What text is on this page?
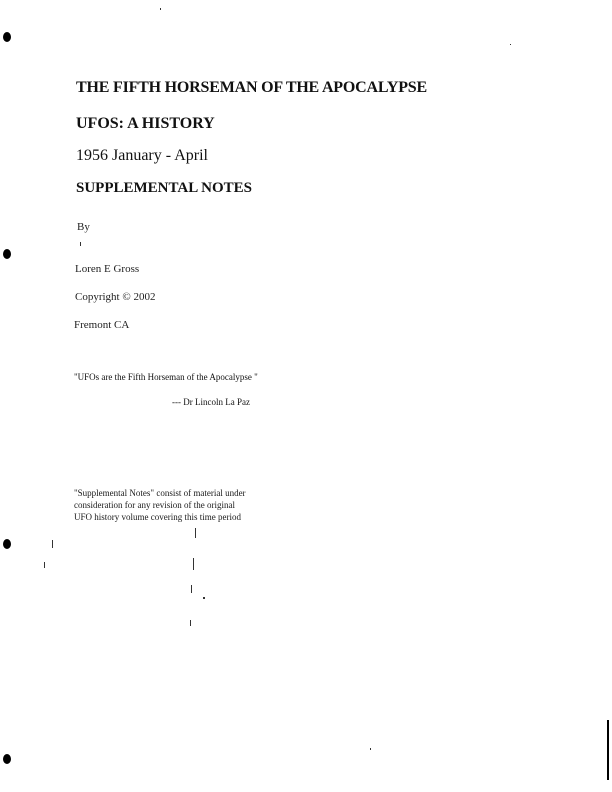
THE FIFTH HORSEMAN OF THE APOCALYPSE
UFOS: A HISTORY
1956 January - April
SUPPLEMENTAL NOTES
By
Loren E Gross
Copyright © 2002
Fremont CA
"UFOs are the Fifth Horseman of the Apocalypse "
--- Dr Lincoln La Paz
"Supplemental Notes" consist of material under
consideration for any revision of the original
UFO history volume covering this time period
